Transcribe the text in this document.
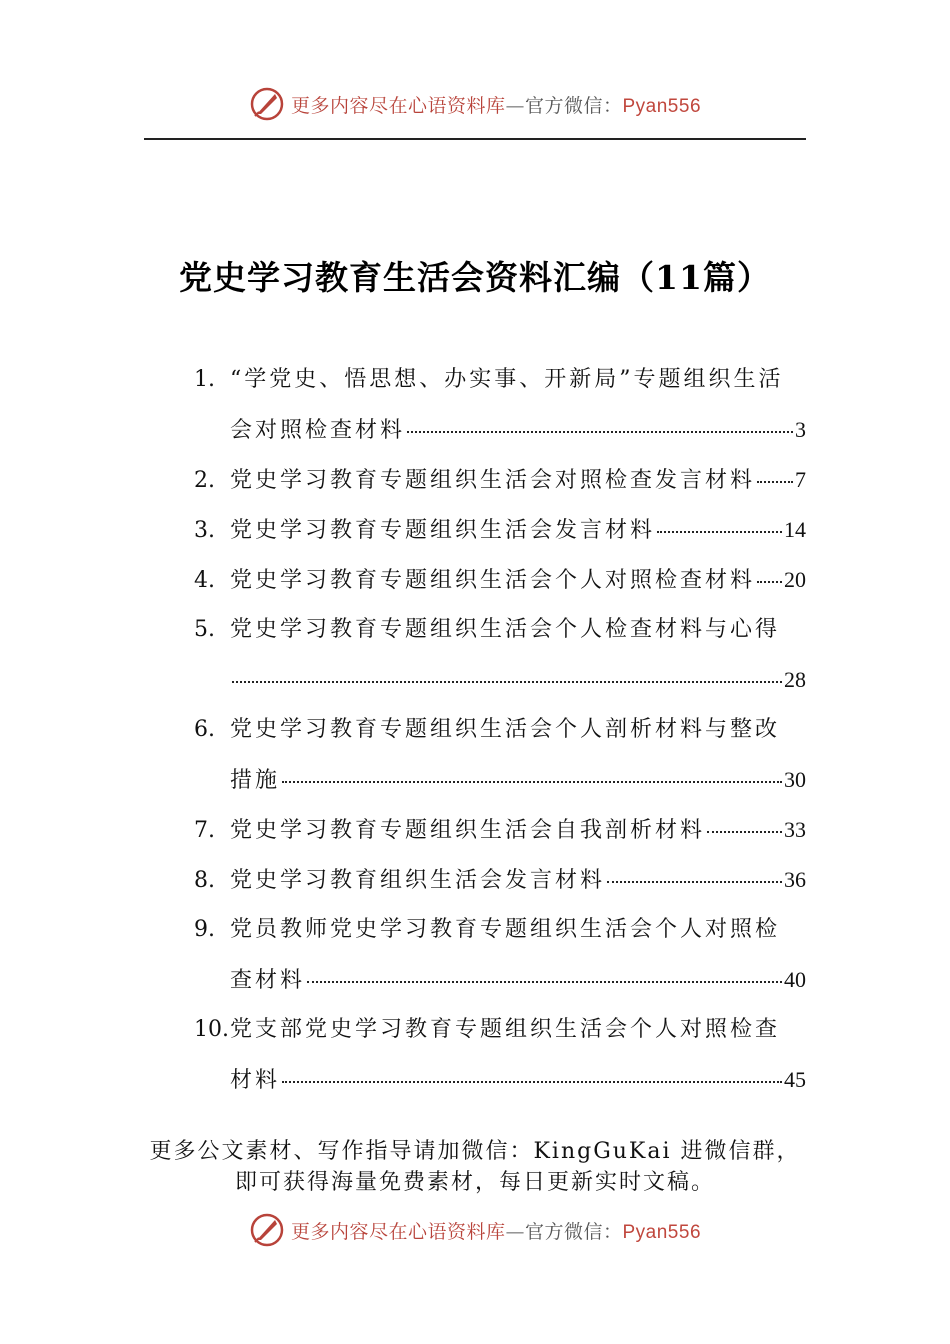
更多内容尽在心语资料库—官方微信：Pyan556
党史学习教育生活会资料汇编（11篇）
1. “学党史、悟思想、办实事、开新局”专题组织生活
会对照检查材料	3
2. 党史学习教育专题组织生活会对照检查发言材料 7
3. 党史学习教育专题组织生活会发言材料	14
4. 党史学习教育专题组织生活会个人对照检查材料 20
5. 党史学习教育专题组织生活会个人检查材料与心得
28
6. 党史学习教育专题组织生活会个人剖析材料与整改
措施	30
7. 党史学习教育专题组织生活会自我剖析材料	33
8. 党史学习教育组织生活会发言材料	36
9. 党员教师党史学习教育专题组织生活会个人对照检
查材料	40
10. 党支部党史学习教育专题组织生活会个人对照检查
材料	45
更多公文素材、写作指导请加微信：KingGuKai 进微信群，
即可获得海量免费素材，每日更新实时文稿。
更多内容尽在心语资料库—官方微信：Pyan556
